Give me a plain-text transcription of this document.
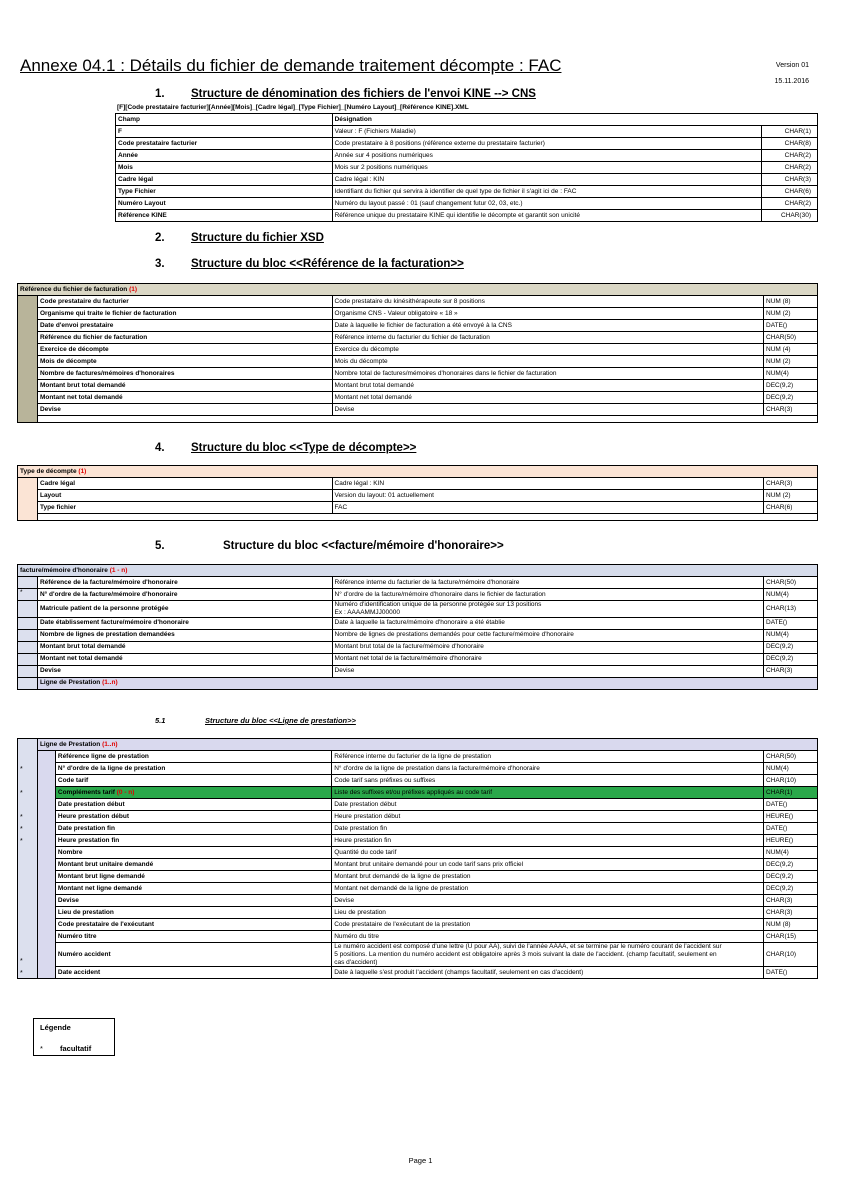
Annexe 04.1 : Détails du fichier de demande traitement décompte : FAC	Version 01
15.11.2016
1. Structure de dénomination des fichiers de l'envoi KINE --> CNS
[F][Code prestataire facturier][Année][Mois]_[Cadre légal]_[Type Fichier]_[Numéro Layout]_[Référence KINE].XML
Champ	Désignation	
F	Valeur : F (Fichiers Maladie)	CHAR(1)
Code prestataire facturier	Code prestataire à 8 positions (référence externe du prestataire facturier)	CHAR(8)
Année	Année sur 4 positions numériques	CHAR(2)
Mois	Mois sur 2 positions numériques	CHAR(2)
Cadre légal	Cadre légal : KIN	CHAR(3)
Type Fichier	Identifiant du fichier qui servira à identifier de quel type de fichier il s'agit ici de : FAC	CHAR(6)
Numéro Layout	Numéro du layout passé : 01 (sauf changement futur 02, 03, etc.)	CHAR(2)
Référence KINE	Référence unique du prestataire KINE qui identifie le décompte et garantit son unicité	CHAR(30)
2. Structure du fichier XSD
3. Structure du bloc <<Référence de la facturation>>
Référence du fichier de facturation (1)			
	Code prestataire du facturier	Code prestataire du kinésithérapeute sur 8 positions	NUM (8)
	Organisme qui traite le fichier de facturation	Organisme CNS - Valeur obligatoire « 18 »	NUM (2)
	Date d'envoi prestataire	Date à laquelle le fichier de facturation a été envoyé à la CNS	DATE()
	Référence du fichier de facturation	Référence interne du facturier du fichier de facturation	CHAR(50)
	Exercice de décompte	Exercice du décompte	NUM (4)
	Mois de décompte	Mois du décompte	NUM (2)
	Nombre de factures/mémoires d'honoraires	Nombre total de factures/mémoires d'honoraires dans le fichier de facturation	NUM(4)
	Montant brut total demandé	Montant brut total demandé	DEC(9,2)
	Montant net total demandé	Montant net total demandé	DEC(9,2)
	Devise	Devise	CHAR(3)

4. Structure du bloc <<Type de décompte>>
Type de décompte (1)			
	Cadre légal	Cadre légal : KIN	CHAR(3)
	Layout	Version du layout: 01 actuellement	NUM (2)
	Type fichier	FAC	CHAR(6)

5.	Structure du bloc <<facture/mémoire d'honoraire>>
facture/mémoire d'honoraire (1 - n)			
	Référence de la facture/mémoire d'honoraire	Référence interne du facturier de la facture/mémoire d'honoraire	CHAR(50)
*	N° d'ordre de la facture/mémoire d'honoraire	N° d'ordre de la facture/mémoire d'honoraire dans le fichier de facturation	NUM(4)
	Matricule patient de la personne protégée	Numéro d'identification unique de la personne protégée sur 13 positions
Ex : AAAAMMJJ00000	CHAR(13)
	Date établissement facture/mémoire d'honoraire	Date à laquelle la facture/mémoire d'honoraire a été établie	DATE()
	Nombre de lignes de prestation demandées	Nombre de lignes de prestations demandés pour cette facture/mémoire d'honoraire	NUM(4)
	Montant brut total demandé	Montant brut total de la facture/mémoire d'honoraire	DEC(9,2)
	Montant net total demandé	Montant net total de la facture/mémoire d'honoraire	DEC(9,2)
	Devise	Devise	CHAR(3)
	Ligne de Prestation (1..n)		
5.1	Structure du bloc <<Ligne de prestation>>
	Ligne de Prestation (1..n)			
		Référence ligne de prestation	Référence interne du facturier de la ligne de prestation	CHAR(50)
		N° d'ordre de la ligne de prestation	N° d'ordre de la ligne de prestation dans la facture/mémoire d'honoraire	NUM(4)
		Code tarif	Code tarif sans préfixes ou suffixes	CHAR(10)
		Compléments tarif (0 - n)	Liste des suffixes et/ou préfixes appliqués au code tarif	CHAR(1)
		Date prestation début	Date prestation début	DATE()
		Heure prestation début	Heure prestation début	HEURE()
		Date prestation fin	Date prestation fin	DATE()
		Heure prestation fin	Heure prestation fin	HEURE()
		Nombre	Quantité du code tarif	NUM(4)
		Montant brut unitaire demandé	Montant brut unitaire demandé pour un code tarif sans prix officiel	DEC(9,2)
		Montant brut ligne demandé	Montant brut demandé de la ligne de prestation	DEC(9,2)
		Montant net ligne demandé	Montant net demandé de la ligne de prestation	DEC(9,2)
		Devise	Devise	CHAR(3)
		Lieu de prestation	Lieu de prestation	CHAR(3)
		Code prestataire de l'exécutant	Code prestataire de l'exécutant de la prestation	NUM (8)
		Numéro titre	Numéro du titre	CHAR(15)
		Numéro accident	Le numéro accident est composé d'une lettre (U pour AA), suivi de l'année AAAA, et se termine par le numéro courant de l'accident sur
5 positions. La mention du numéro accident est obligatoire après 3 mois suivant la date de l'accident. (champ facultatif, seulement en
cas d'accident)	CHAR(10)
		Date accident	Date à laquelle s'est produit l'accident (champs facultatif, seulement en cas d'accident)	DATE()
Légende
* facultatif
Page 1
*
*
*
*
*
*
*
